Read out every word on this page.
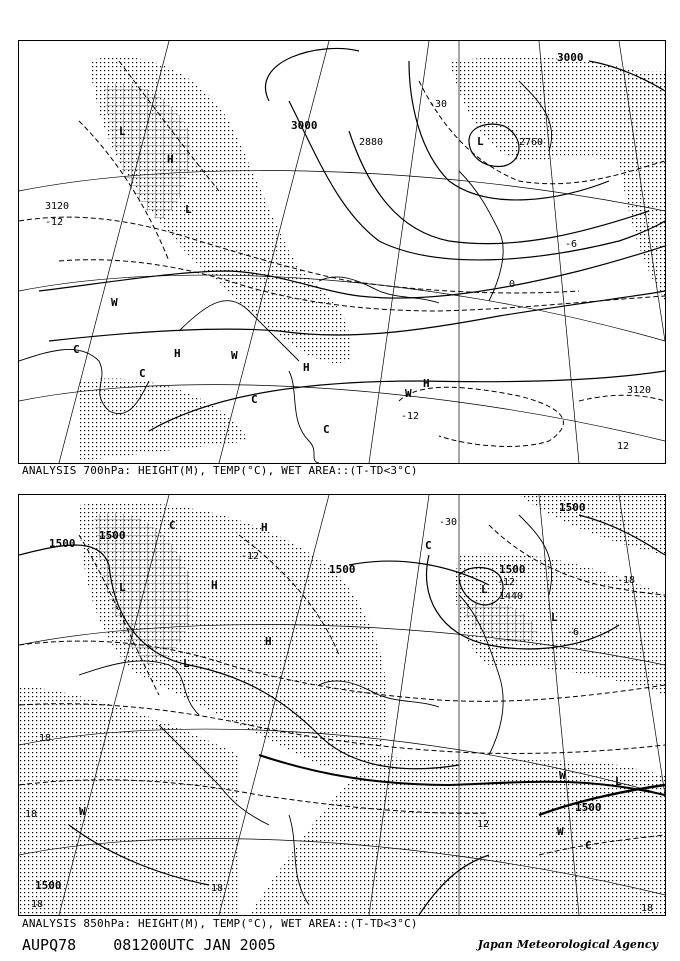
3000
3000
2880	2760
3120
3120
-30
-12
-6
0
-12
12
L
H
L
W
C	H	W
H
C
C
W
H
L
C
ANALYSIS 700hPa: HEIGHT(M), TEMP(°C), WET AREA::(T-TD<3°C)
1500
1500
1500
1500
1500
1440
1500
1500
-30
-12
-12	-18
-6
18
18
12
18
18	18
C	H
L	H
L
H
C
L
L
W
W
W
C
L
ANALYSIS 850hPa: HEIGHT(M), TEMP(°C), WET AREA::(T-TD<3°C)
AUPQ78 081200UTC JAN 2005	Japan Meteorological Agency
